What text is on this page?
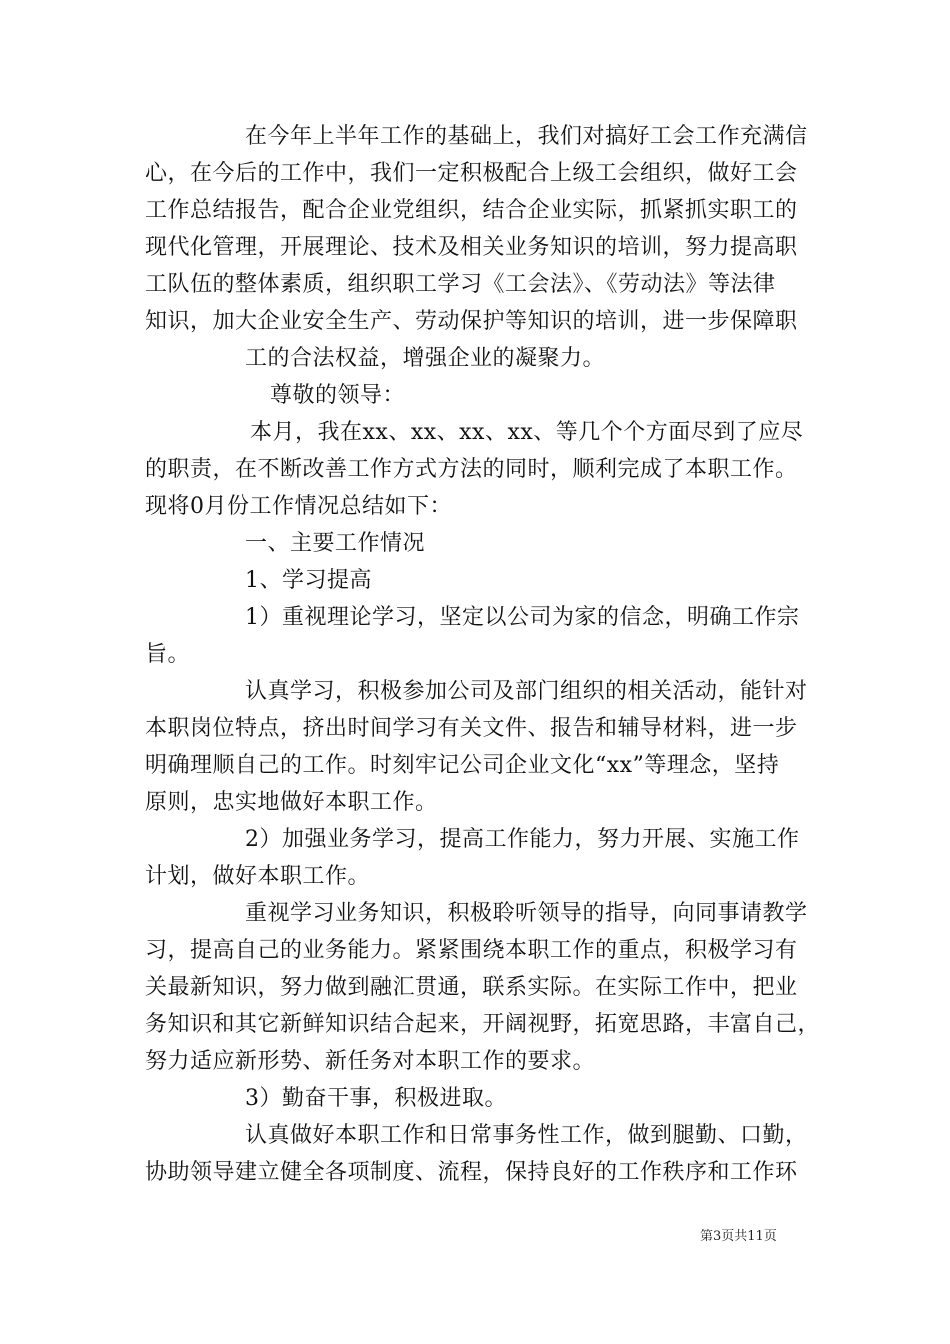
在今年上半年工作的基础上，我们对搞好工会工作充满信
心，在今后的工作中，我们一定积极配合上级工会组织，做好工会
工作总结报告，配合企业党组织，结合企业实际，抓紧抓实职工的
现代化管理，开展理论、技术及相关业务知识的培训，努力提高职
工队伍的整体素质，组织职工学习《工会法》、《劳动法》等法律
知识，加大企业安全生产、劳动保护等知识的培训，进一步保障职
工的合法权益，增强企业的凝聚力。
尊敬的领导：
本月，我在xx、xx、xx、xx、等几个个方面尽到了应尽
的职责，在不断改善工作方式方法的同时，顺利完成了本职工作。
现将0月份工作情况总结如下：
一、主要工作情况
1、学习提高
1）重视理论学习，坚定以公司为家的信念，明确工作宗
旨。
认真学习，积极参加公司及部门组织的相关活动，能针对
本职岗位特点，挤出时间学习有关文件、报告和辅导材料，进一步
明确理顺自己的工作。时刻牢记公司企业文化“xx”等理念，坚持
原则，忠实地做好本职工作。
2）加强业务学习，提高工作能力，努力开展、实施工作
计划，做好本职工作。
重视学习业务知识，积极聆听领导的指导，向同事请教学
习，提高自己的业务能力。紧紧围绕本职工作的重点，积极学习有
关最新知识，努力做到融汇贯通，联系实际。在实际工作中，把业
务知识和其它新鲜知识结合起来，开阔视野，拓宽思路，丰富自己，
努力适应新形势、新任务对本职工作的要求。
3）勤奋干事，积极进取。
认真做好本职工作和日常事务性工作，做到腿勤、口勤，
协助领导建立健全各项制度、流程，保持良好的工作秩序和工作环
第3页共11页
